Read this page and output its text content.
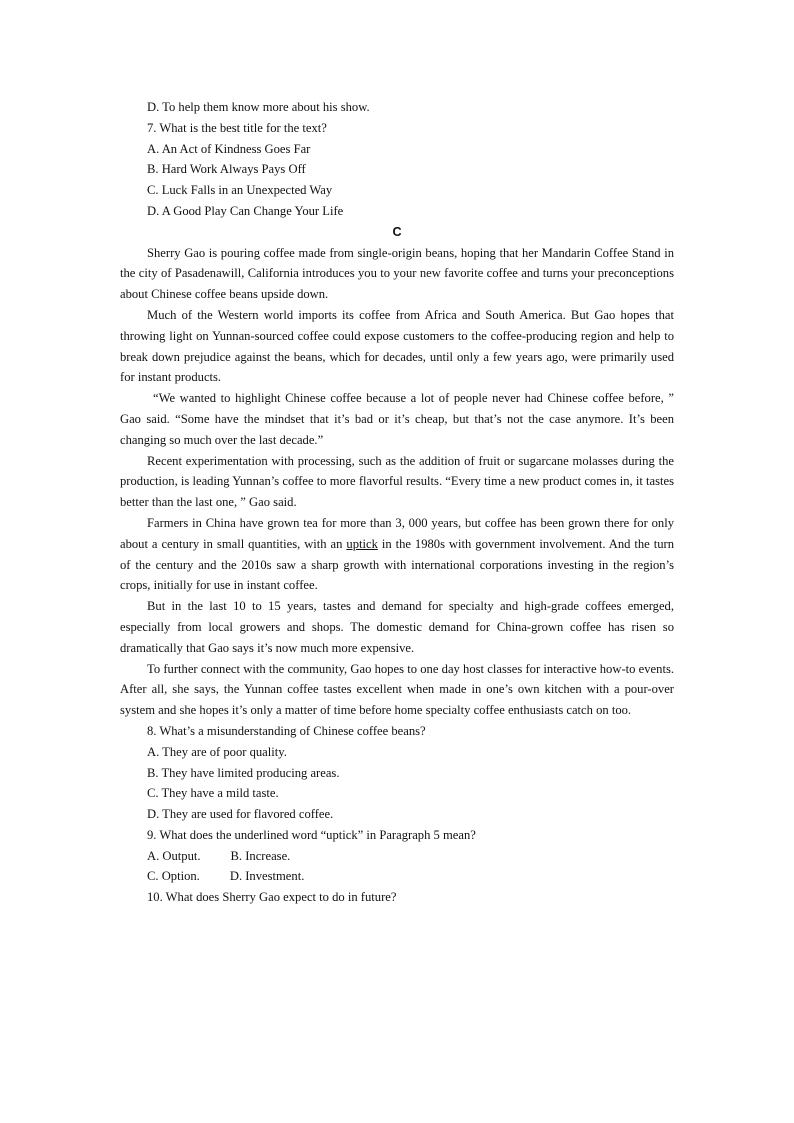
D. To help them know more about his show.
7. What is the best title for the text?
A. An Act of Kindness Goes Far
B. Hard Work Always Pays Off
C. Luck Falls in an Unexpected Way
D. A Good Play Can Change Your Life
C

Sherry Gao is pouring coffee made from single-origin beans, hoping that her Mandarin Coffee Stand in the city of Pasadenawill, California introduces you to your new favorite coffee and turns your preconceptions about Chinese coffee beans upside down.

Much of the Western world imports its coffee from Africa and South America. But Gao hopes that throwing light on Yunnan-sourced coffee could expose customers to the coffee-producing region and help to break down prejudice against the beans, which for decades, until only a few years ago, were primarily used for instant products.

“We wanted to highlight Chinese coffee because a lot of people never had Chinese coffee before, ” Gao said. “Some have the mindset that it’s bad or it’s cheap, but that’s not the case anymore. It’s been changing so much over the last decade.”

Recent experimentation with processing, such as the addition of fruit or sugarcane molasses during the production, is leading Yunnan’s coffee to more flavorful results. “Every time a new product comes in, it tastes better than the last one, ” Gao said.

Farmers in China have grown tea for more than 3, 000 years, but coffee has been grown there for only about a century in small quantities, with an uptick in the 1980s with government involvement. And the turn of the century and the 2010s saw a sharp growth with international corporations investing in the region’s crops, initially for use in instant coffee.

But in the last 10 to 15 years, tastes and demand for specialty and high-grade coffees emerged, especially from local growers and shops. The domestic demand for China-grown coffee has risen so dramatically that Gao says it’s now much more expensive.

To further connect with the community, Gao hopes to one day host classes for interactive how-to events. After all, she says, the Yunnan coffee tastes excellent when made in one’s own kitchen with a pour-over system and she hopes it’s only a matter of time before home specialty coffee enthusiasts catch on too.

8. What’s a misunderstanding of Chinese coffee beans?
A. They are of poor quality.
B. They have limited producing areas.
C. They have a mild taste.
D. They are used for flavored coffee.
9. What does the underlined word “uptick” in Paragraph 5 mean?
A. Output. B. Increase.
C. Option. D. Investment.
10. What does Sherry Gao expect to do in future?
